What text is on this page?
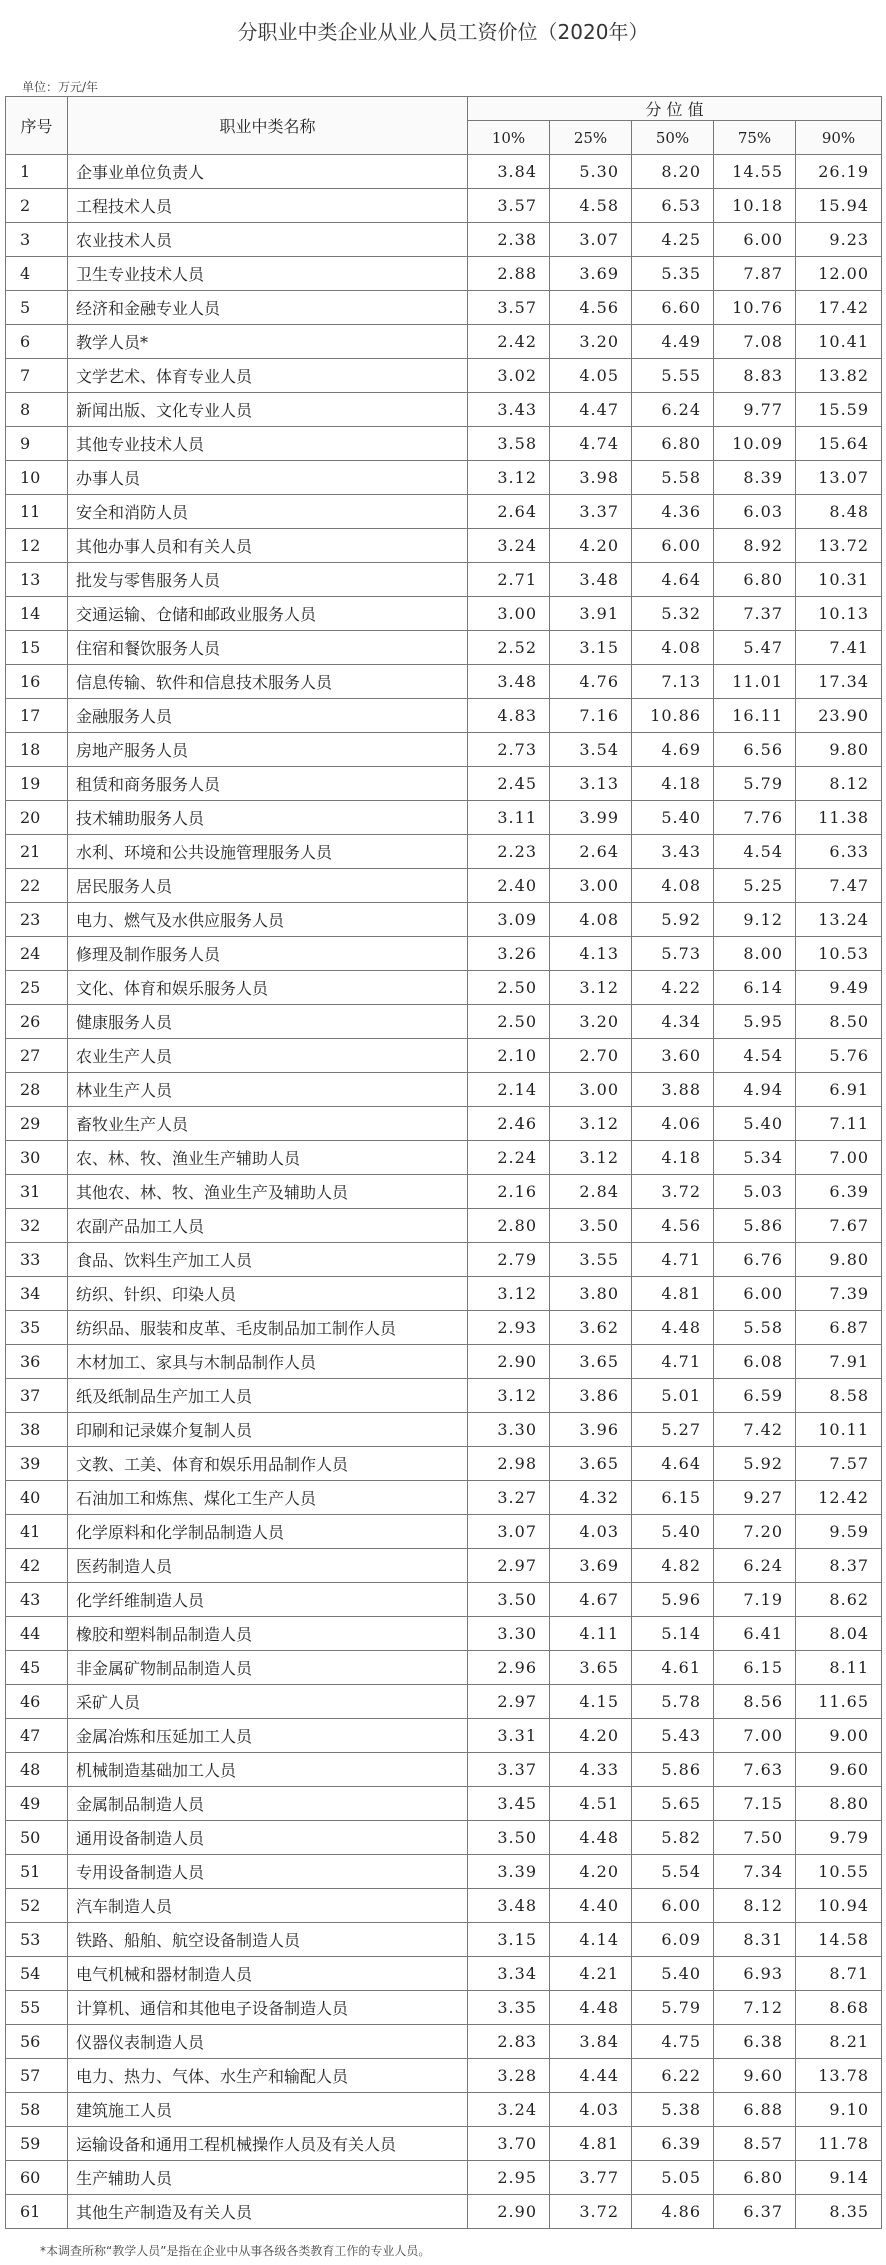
分职业中类企业从业人员工资价位（2020年）
单位：万元/年
序号	职业中类名称	分 位 值				
		10%	25%	50%	75%	90%
1	企事业单位负责人	3.84	5.30	8.20	14.55	26.19
2	工程技术人员	3.57	4.58	6.53	10.18	15.94
3	农业技术人员	2.38	3.07	4.25	6.00	9.23
4	卫生专业技术人员	2.88	3.69	5.35	7.87	12.00
5	经济和金融专业人员	3.57	4.56	6.60	10.76	17.42
6	教学人员*	2.42	3.20	4.49	7.08	10.41
7	文学艺术、体育专业人员	3.02	4.05	5.55	8.83	13.82
8	新闻出版、文化专业人员	3.43	4.47	6.24	9.77	15.59
9	其他专业技术人员	3.58	4.74	6.80	10.09	15.64
10	办事人员	3.12	3.98	5.58	8.39	13.07
11	安全和消防人员	2.64	3.37	4.36	6.03	8.48
12	其他办事人员和有关人员	3.24	4.20	6.00	8.92	13.72
13	批发与零售服务人员	2.71	3.48	4.64	6.80	10.31
14	交通运输、仓储和邮政业服务人员	3.00	3.91	5.32	7.37	10.13
15	住宿和餐饮服务人员	2.52	3.15	4.08	5.47	7.41
16	信息传输、软件和信息技术服务人员	3.48	4.76	7.13	11.01	17.34
17	金融服务人员	4.83	7.16	10.86	16.11	23.90
18	房地产服务人员	2.73	3.54	4.69	6.56	9.80
19	租赁和商务服务人员	2.45	3.13	4.18	5.79	8.12
20	技术辅助服务人员	3.11	3.99	5.40	7.76	11.38
21	水利、环境和公共设施管理服务人员	2.23	2.64	3.43	4.54	6.33
22	居民服务人员	2.40	3.00	4.08	5.25	7.47
23	电力、燃气及水供应服务人员	3.09	4.08	5.92	9.12	13.24
24	修理及制作服务人员	3.26	4.13	5.73	8.00	10.53
25	文化、体育和娱乐服务人员	2.50	3.12	4.22	6.14	9.49
26	健康服务人员	2.50	3.20	4.34	5.95	8.50
27	农业生产人员	2.10	2.70	3.60	4.54	5.76
28	林业生产人员	2.14	3.00	3.88	4.94	6.91
29	畜牧业生产人员	2.46	3.12	4.06	5.40	7.11
30	农、林、牧、渔业生产辅助人员	2.24	3.12	4.18	5.34	7.00
31	其他农、林、牧、渔业生产及辅助人员	2.16	2.84	3.72	5.03	6.39
32	农副产品加工人员	2.80	3.50	4.56	5.86	7.67
33	食品、饮料生产加工人员	2.79	3.55	4.71	6.76	9.80
34	纺织、针织、印染人员	3.12	3.80	4.81	6.00	7.39
35	纺织品、服装和皮革、毛皮制品加工制作人员	2.93	3.62	4.48	5.58	6.87
36	木材加工、家具与木制品制作人员	2.90	3.65	4.71	6.08	7.91
37	纸及纸制品生产加工人员	3.12	3.86	5.01	6.59	8.58
38	印刷和记录媒介复制人员	3.30	3.96	5.27	7.42	10.11
39	文教、工美、体育和娱乐用品制作人员	2.98	3.65	4.64	5.92	7.57
40	石油加工和炼焦、煤化工生产人员	3.27	4.32	6.15	9.27	12.42
41	化学原料和化学制品制造人员	3.07	4.03	5.40	7.20	9.59
42	医药制造人员	2.97	3.69	4.82	6.24	8.37
43	化学纤维制造人员	3.50	4.67	5.96	7.19	8.62
44	橡胶和塑料制品制造人员	3.30	4.11	5.14	6.41	8.04
45	非金属矿物制品制造人员	2.96	3.65	4.61	6.15	8.11
46	采矿人员	2.97	4.15	5.78	8.56	11.65
47	金属冶炼和压延加工人员	3.31	4.20	5.43	7.00	9.00
48	机械制造基础加工人员	3.37	4.33	5.86	7.63	9.60
49	金属制品制造人员	3.45	4.51	5.65	7.15	8.80
50	通用设备制造人员	3.50	4.48	5.82	7.50	9.79
51	专用设备制造人员	3.39	4.20	5.54	7.34	10.55
52	汽车制造人员	3.48	4.40	6.00	8.12	10.94
53	铁路、船舶、航空设备制造人员	3.15	4.14	6.09	8.31	14.58
54	电气机械和器材制造人员	3.34	4.21	5.40	6.93	8.71
55	计算机、通信和其他电子设备制造人员	3.35	4.48	5.79	7.12	8.68
56	仪器仪表制造人员	2.83	3.84	4.75	6.38	8.21
57	电力、热力、气体、水生产和输配人员	3.28	4.44	6.22	9.60	13.78
58	建筑施工人员	3.24	4.03	5.38	6.88	9.10
59	运输设备和通用工程机械操作人员及有关人员	3.70	4.81	6.39	8.57	11.78
60	生产辅助人员	2.95	3.77	5.05	6.80	9.14
61	其他生产制造及有关人员	2.90	3.72	4.86	6.37	8.35
*本调查所称“教学人员”是指在企业中从事各级各类教育工作的专业人员。
